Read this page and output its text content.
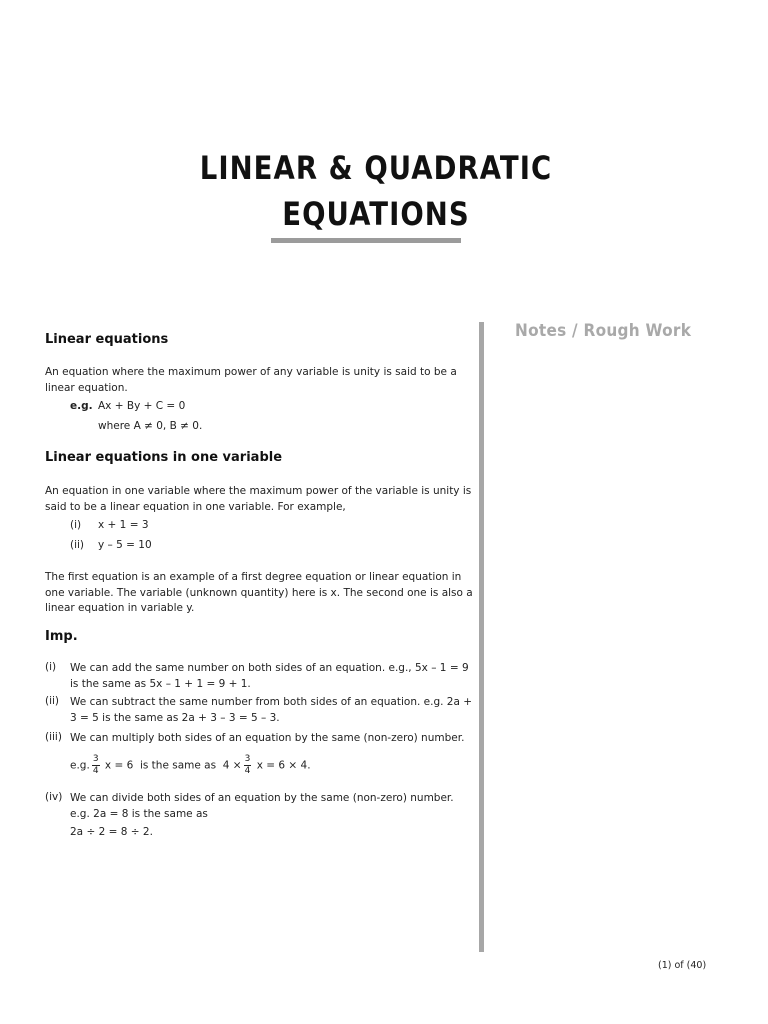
LINEAR & QUADRATIC
EQUATIONS
Notes / Rough Work
Linear equations
An equation where the maximum power of any variable is unity is said to be a linear equation.
e.g. Ax + By + C = 0
where A ≠ 0, B ≠ 0.
Linear equations in one variable
An equation in one variable where the maximum power of the variable is unity is said to be a linear equation in one variable. For example,
(i) x + 1 = 3
(ii) y – 5 = 10
The first equation is an example of a first degree equation or linear equation in one variable. The variable (unknown quantity) here is x. The second one is also a linear equation in variable y.
Imp.
(i) We can add the same number on both sides of an equation. e.g., 5x – 1 = 9 is the same as 5x – 1 + 1 = 9 + 1.
(ii) We can subtract the same number from both sides of an equation. e.g. 2a + 3 = 5 is the same as 2a + 3 – 3 = 5 – 3.
(iii) We can multiply both sides of an equation by the same (non-zero) number.
e.g. $\frac{3}{4}$ x = 6 is the same as $4 \times \frac{3}{4}$ x = 6 × 4.
(iv) We can divide both sides of an equation by the same (non-zero) number. e.g. 2a = 8 is the same as
2a ÷ 2 = 8 ÷ 2.
(1) of (40)
